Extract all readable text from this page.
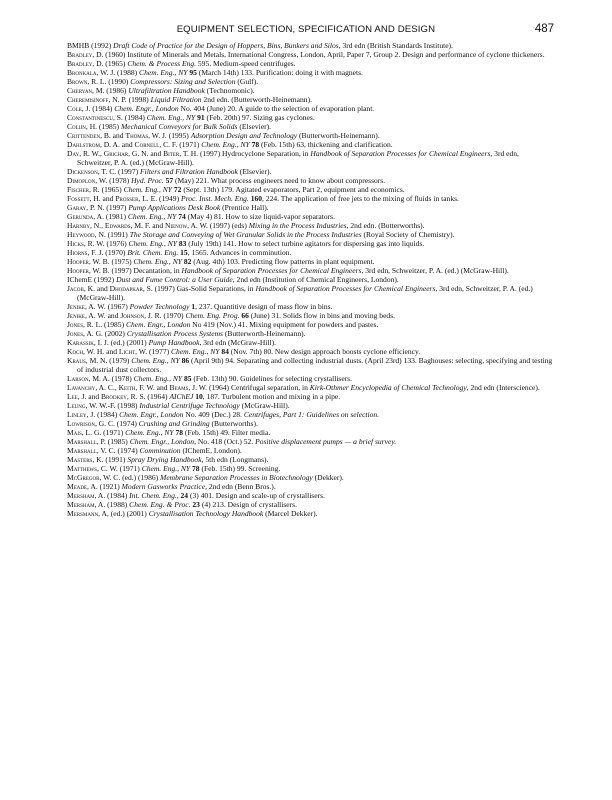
EQUIPMENT SELECTION, SPECIFICATION AND DESIGN	487
BMHB (1992) Draft Code of Practice for the Design of Hoppers, Bins, Bunkers and Silos, 3rd edn (British Standards Institute).
Bradley, D. (1960) Institute of Minerals and Metals, International Congress, London, April, Paper 7, Group 2. Design and performance of cyclone thickeners.
Bradley, D. (1965) Chem. & Process Eng. 595. Medium-speed centrifuges.
Bronkala, W. J. (1988) Chem. Eng., NY 95 (March 14th) 133. Purification: doing it with magnets.
Brown, R. L. (1990) Compressors: Sizing and Selection (Gulf).
Cheryan, M. (1986) Ultrafiltration Handbook (Technomonic).
Cheremisinoff, N. P. (1998) Liquid Filtration 2nd edn. (Butterworth-Heinemann).
Cole, J. (1984) Chem. Engr., London No. 404 (June) 20. A guide to the selection of evaporation plant.
Constantinescu, S. (1984) Chem. Eng., NY 91 (Feb. 20th) 97. Sizing gas cyclones.
Colijn, H. (1985) Mechanical Conveyors for Bulk Solids (Elsevier).
Crittenden, B. and Thomas, W. J. (1995) Adsorption Design and Technology (Butterworth-Heinemann).
Dahlstrom, D. A. and Cornell, C. F. (1971) Chem. Eng., NY 78 (Feb. 15th) 63, thickening and clarification.
Day, R. W., Grichar, G. N. and Biter, T. H. (1997) Hydrocyclone Separation, in Handbook of Separation Processes for Chemical Engineers, 3rd edn, Schweitzer, P. A. (ed.) (McGraw-Hill).
Dickenson, T. C. (1997) Filters and Filtration Handbook (Elsevier).
Dimoplon, W. (1978) Hyd. Proc. 57 (May) 221. What process engineers need to know about compressors.
Fischer, R. (1965) Chem. Eng., NY 72 (Sept. 13th) 179. Agitated evaporators, Part 2, equipment and economics.
Fossett, H. and Prosser, L. E. (1949) Proc. Inst. Mech. Eng. 160, 224. The application of free jets to the mixing of fluids in tanks.
Garay, P. N. (1997) Pump Applications Desk Book (Prentice Hall).
Gerunda, A. (1981) Chem. Eng., NY 74 (May 4) 81. How to size liquid-vapor separators.
Harnby, N., Edwards, M. F. and Nienow, A. W. (1997) (eds) Mixing in the Process Industries, 2nd edn. (Butterworths).
Heywood, N. (1991) The Storage and Conveying of Wet Granular Solids in the Process Industries (Royal Society of Chemistry).
Hicks, R. W. (1976) Chem. Eng., NY 83 (July 19th) 141. How to select turbine agitators for dispersing gas into liquids.
Hiorns, F. J. (1970) Brit. Chem. Eng. 15, 1565. Advances in comminution.
Hooper, W. B. (1975) Chem. Eng., NY 82 (Aug. 4th) 103. Predicting flow patterns in plant equipment.
Hooper, W. B. (1997) Decantation, in Handbook of Separation Processes for Chemical Engineers, 3rd edn, Schweitzer, P. A. (ed.) (McGraw-Hill).
IChemE (1992) Dust and Fume Control: a User Guide, 2nd edn (Institution of Chemical Engineers, London).
Jacob, K. and Dhodapkar, S. (1997) Gas-Solid Separations, in Handbook of Separation Processes for Chemical Engineers, 3rd edn, Schweitzer, P. A. (ed.) (McGraw-Hill).
Jenike, A. W. (1967) Powder Technology 1, 237. Quantitive design of mass flow in bins.
Jenike, A. W. and Johnson, J. R. (1970) Chem. Eng. Prog. 66 (June) 31. Solids flow in bins and moving beds.
Jones, R. L. (1985) Chem. Engr., London No 419 (Nov.) 41. Mixing equipment for powders and pastes.
Jones, A. G. (2002) Crystallisation Process Systems (Butterworth-Heinemann).
Karassik, I. J. (ed.) (2001) Pump Handbook, 3rd edn (McGraw-Hill).
Koch, W. H. and Licht, W. (1977) Chem. Eng., NY 84 (Nov. 7th) 80. New design approach boosts cyclone efficiency.
Kraus, M. N. (1979) Chem. Eng., NY 86 (April 9th) 94. Separating and collecting industrial dusts. (April 23rd) 133. Baghouses: selecting, specifying and testing of industrial dust collectors.
Larson, M. A. (1978) Chem. Eng., NY 85 (Feb. 13th) 90. Guidelines for selecting crystallisers.
Lavanchy, A. C., Keith, F. W. and Beams, J. W. (1964) Centrifugal separation, in Kirk-Othmer Encyclopedia of Chemical Technology, 2nd edn (Interscience).
Lee, J. and Brodkey, R. S. (1964) AIChEJ 10, 187. Turbulent motion and mixing in a pipe.
Leung, W. W.-F. (1998) Industrial Centrifuge Technology (McGraw-Hill).
Linley, J. (1984) Chem. Engr., London No. 409 (Dec.) 28. Centrifuges, Part 1: Guidelines on selection.
Lowrison, G. C. (1974) Crushing and Grinding (Butterworths).
Mais, L. G. (1971) Chem. Eng., NY 78 (Feb. 15th) 49. Filter media.
Marshall, P. (1985) Chem. Engr., London, No. 418 (Oct.) 52. Positive displacement pumps — a brief survey.
Marshall, V. C. (1974) Comminution (IChemE, London).
Masters, K. (1991) Spray Drying Handbook, 5th edn (Longmans).
Matthews, C. W. (1971) Chem. Eng., NY 78 (Feb. 15th) 99. Screening.
McGregor, W. C. (ed.) (1986) Membrane Separation Processes in Biotechnology (Dekker).
Meade, A. (1921) Modern Gasworks Practice, 2nd edn (Benn Bros.).
Mersham, A. (1984) Int. Chem. Eng., 24 (3) 401. Design and scale-up of crystallisers.
Mersham, A. (1988) Chem. Eng. & Proc. 23 (4) 213. Design of crystallisers.
Mersmann, A, (ed.) (2001) Crystallisation Technology Handbook (Marcel Dekker).
